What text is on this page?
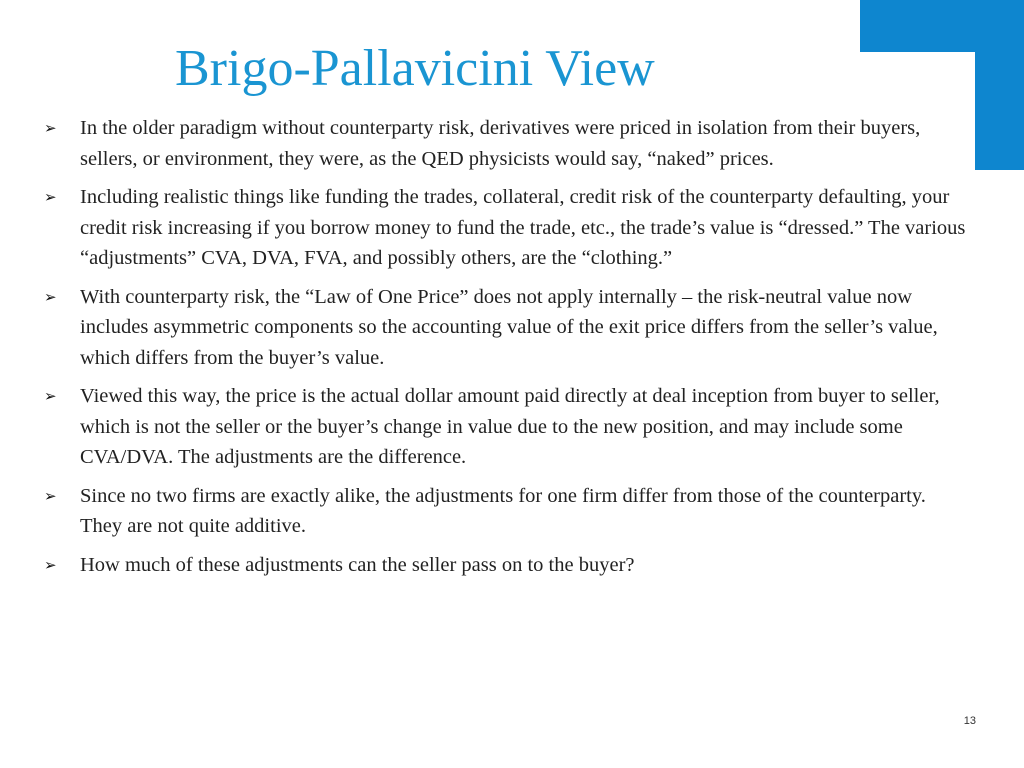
Brigo-Pallavicini View
➢ In the older paradigm without counterparty risk, derivatives were priced in isolation from their buyers, sellers, or environment, they were, as the QED physicists would say, “naked” prices.
➢ Including realistic things like funding the trades, collateral, credit risk of the counterparty defaulting, your credit risk increasing if you borrow money to fund the trade, etc., the trade’s value is “dressed.” The various “adjustments” CVA, DVA, FVA, and possibly others, are the “clothing.”
➢ With counterparty risk, the “Law of One Price” does not apply internally – the risk-neutral value now includes asymmetric components so the accounting value of the exit price differs from the seller’s value, which differs from the buyer’s value.
➢ Viewed this way, the price is the actual dollar amount paid directly at deal inception from buyer to seller, which is not the seller or the buyer’s change in value due to the new position, and may include some CVA/DVA. The adjustments are the difference.
➢ Since no two firms are exactly alike, the adjustments for one firm differ from those of the counterparty. They are not quite additive.
➢ How much of these adjustments can the seller pass on to the buyer?
13
